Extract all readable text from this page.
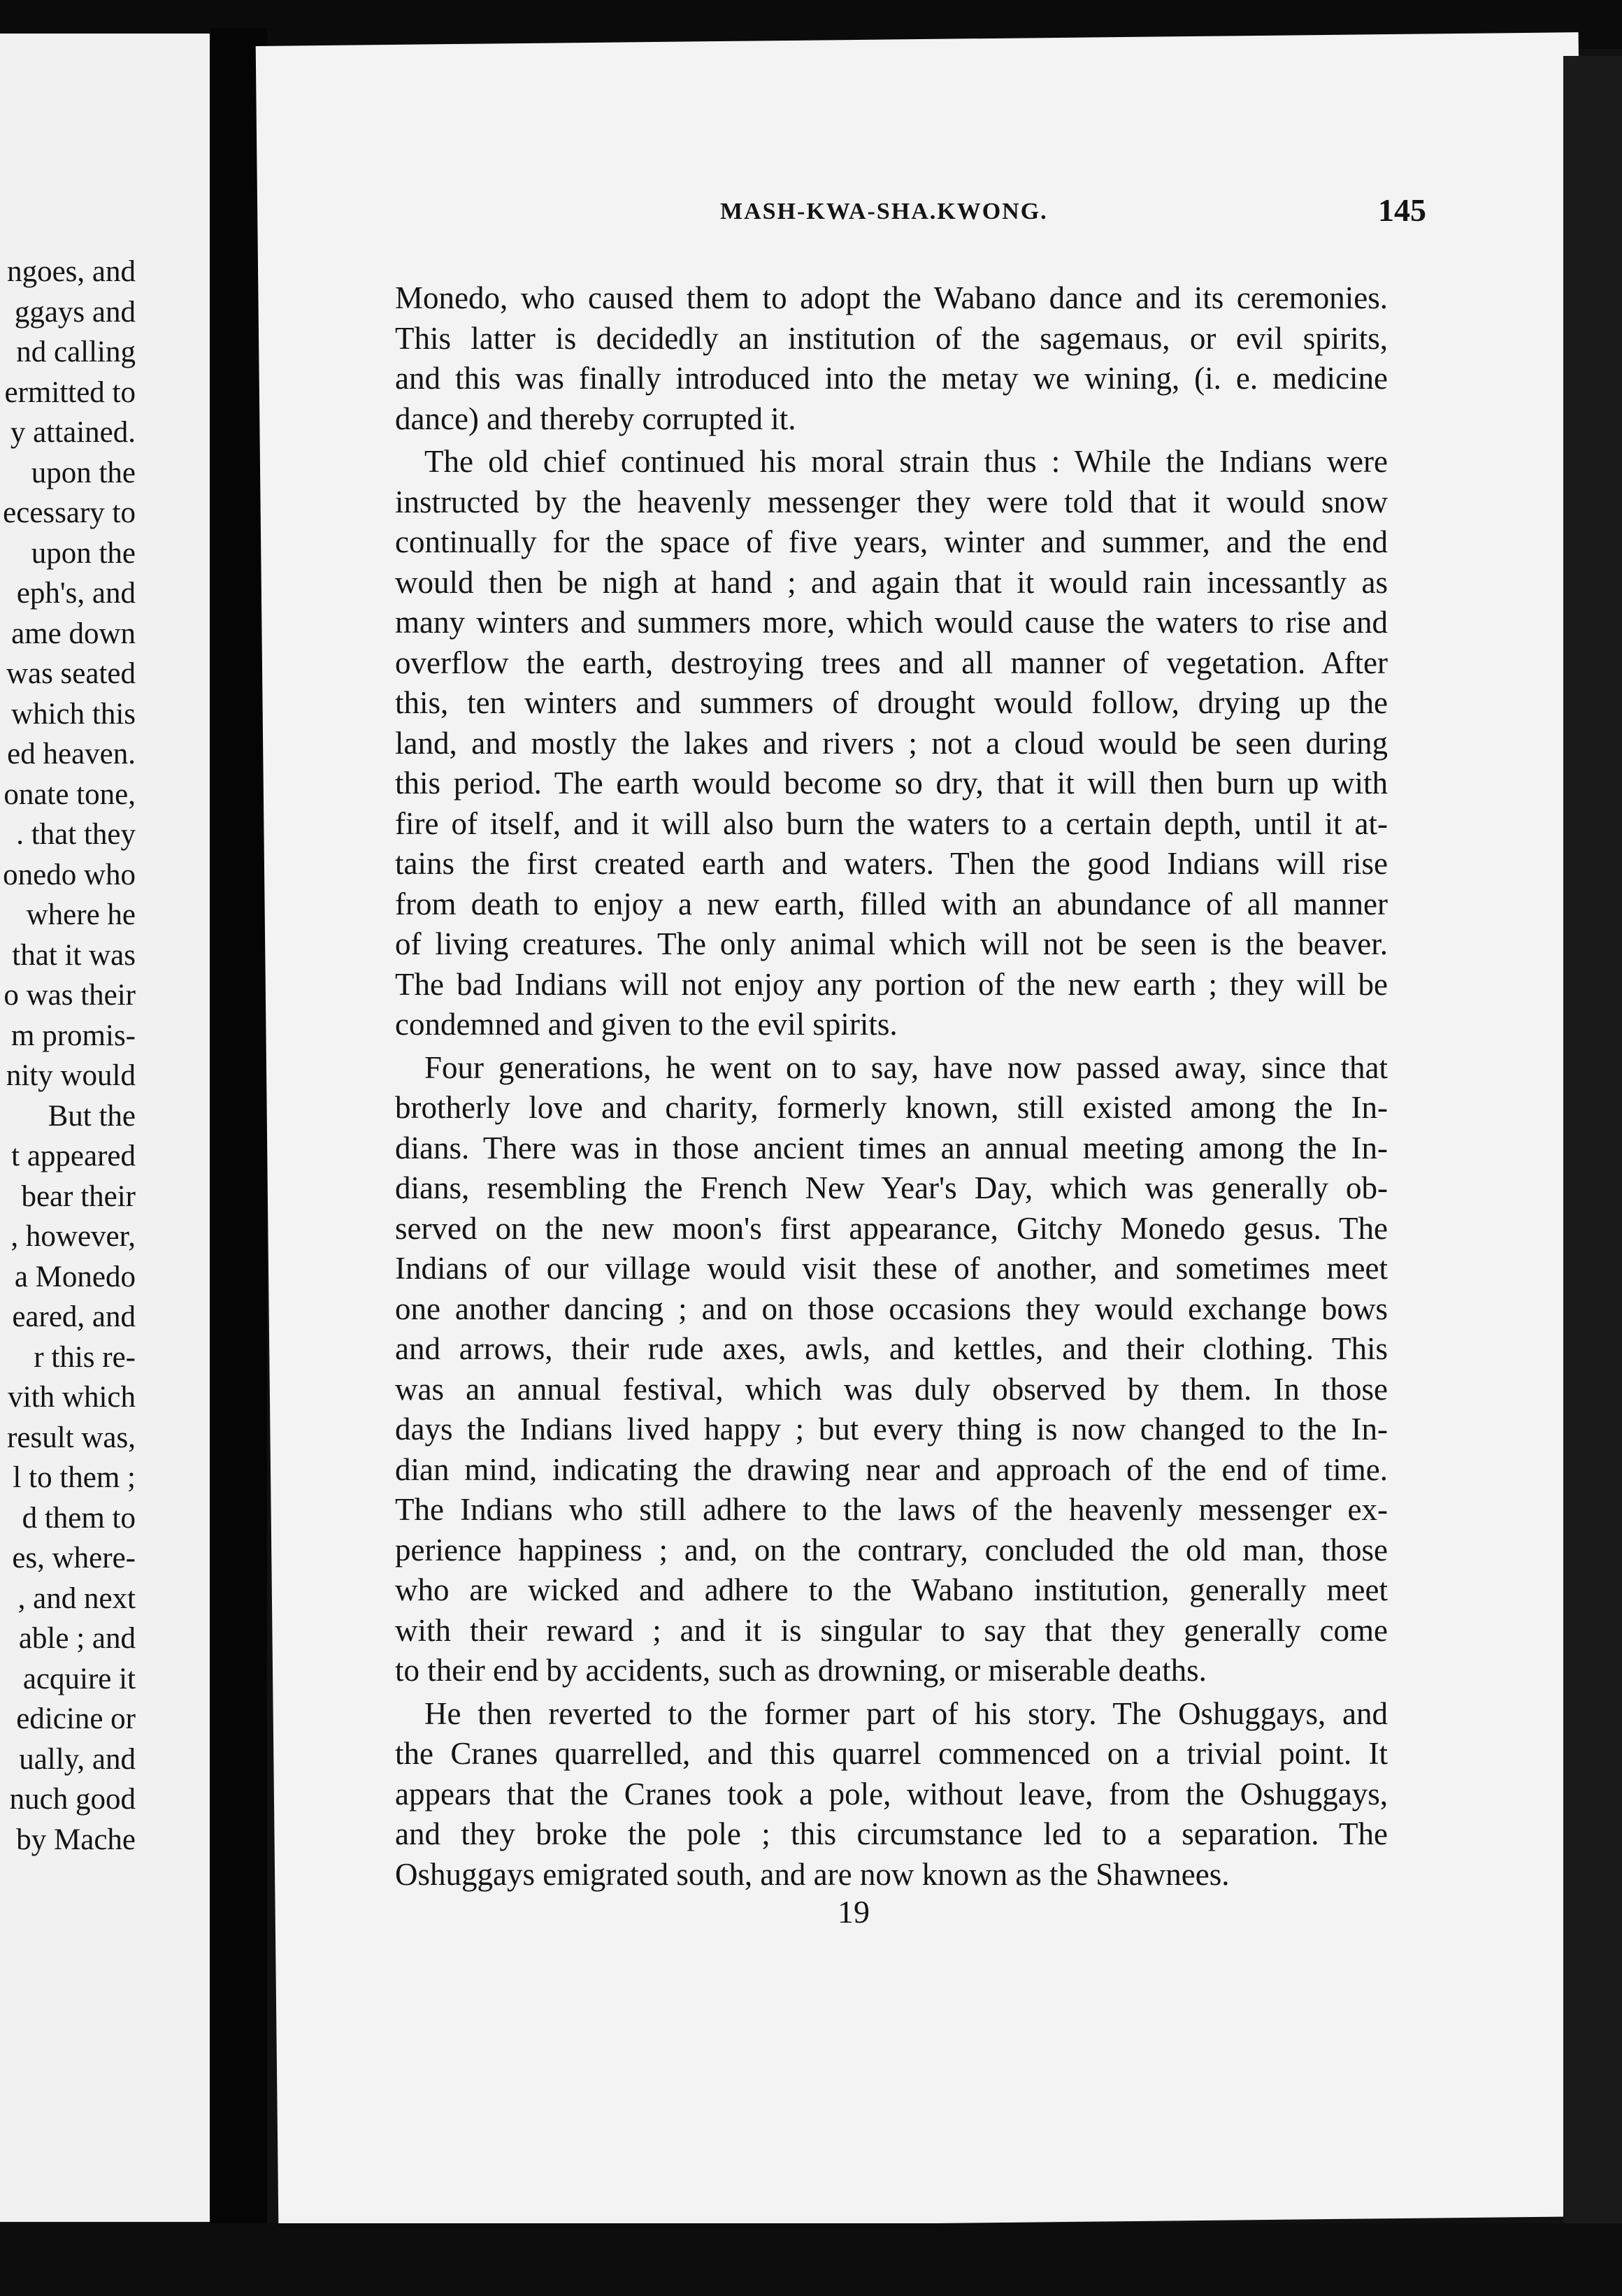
ngoes, and
ggays and
nd calling
ermitted to
y attained.
upon the
ecessary to
upon the
eph's, and
ame down
was seated
which this
ed heaven.
onate tone,
. that they
onedo who
where he
that it was
o was their
m promis-
nity would
But the
t appeared
bear their
, however,
a Monedo
eared, and
r this re-
vith which
result was,
l to them ;
d them to
es, where-
, and next
able ; and
acquire it
edicine or
ually, and
nuch good
by Mache
MASH-KWA-SHA.KWONG.	145
Monedo, who caused them to adopt the Wabano dance and its ceremonies.
This latter is decidedly an institution of the sagemaus, or evil spirits,
and this was finally introduced into the metay we wining, (i. e. medicine
dance) and thereby corrupted it.
The old chief continued his moral strain thus : While the Indians were
instructed by the heavenly messenger they were told that it would snow
continually for the space of five years, winter and summer, and the end
would then be nigh at hand ; and again that it would rain incessantly as
many winters and summers more, which would cause the waters to rise and
overflow the earth, destroying trees and all manner of vegetation. After
this, ten winters and summers of drought would follow, drying up the
land, and mostly the lakes and rivers ; not a cloud would be seen during
this period. The earth would become so dry, that it will then burn up with
fire of itself, and it will also burn the waters to a certain depth, until it at-
tains the first created earth and waters. Then the good Indians will rise
from death to enjoy a new earth, filled with an abundance of all manner
of living creatures. The only animal which will not be seen is the beaver.
The bad Indians will not enjoy any portion of the new earth ; they will be
condemned and given to the evil spirits.
Four generations, he went on to say, have now passed away, since that
brotherly love and charity, formerly known, still existed among the In-
dians. There was in those ancient times an annual meeting among the In-
dians, resembling the French New Year's Day, which was generally ob-
served on the new moon's first appearance, Gitchy Monedo gesus. The
Indians of our village would visit these of another, and sometimes meet
one another dancing ; and on those occasions they would exchange bows
and arrows, their rude axes, awls, and kettles, and their clothing. This
was an annual festival, which was duly observed by them. In those
days the Indians lived happy ; but every thing is now changed to the In-
dian mind, indicating the drawing near and approach of the end of time.
The Indians who still adhere to the laws of the heavenly messenger ex-
perience happiness ; and, on the contrary, concluded the old man, those
who are wicked and adhere to the Wabano institution, generally meet
with their reward ; and it is singular to say that they generally come
to their end by accidents, such as drowning, or miserable deaths.
He then reverted to the former part of his story. The Oshuggays, and
the Cranes quarrelled, and this quarrel commenced on a trivial point. It
appears that the Cranes took a pole, without leave, from the Oshuggays,
and they broke the pole ; this circumstance led to a separation. The
Oshuggays emigrated south, and are now known as the Shawnees.
19
